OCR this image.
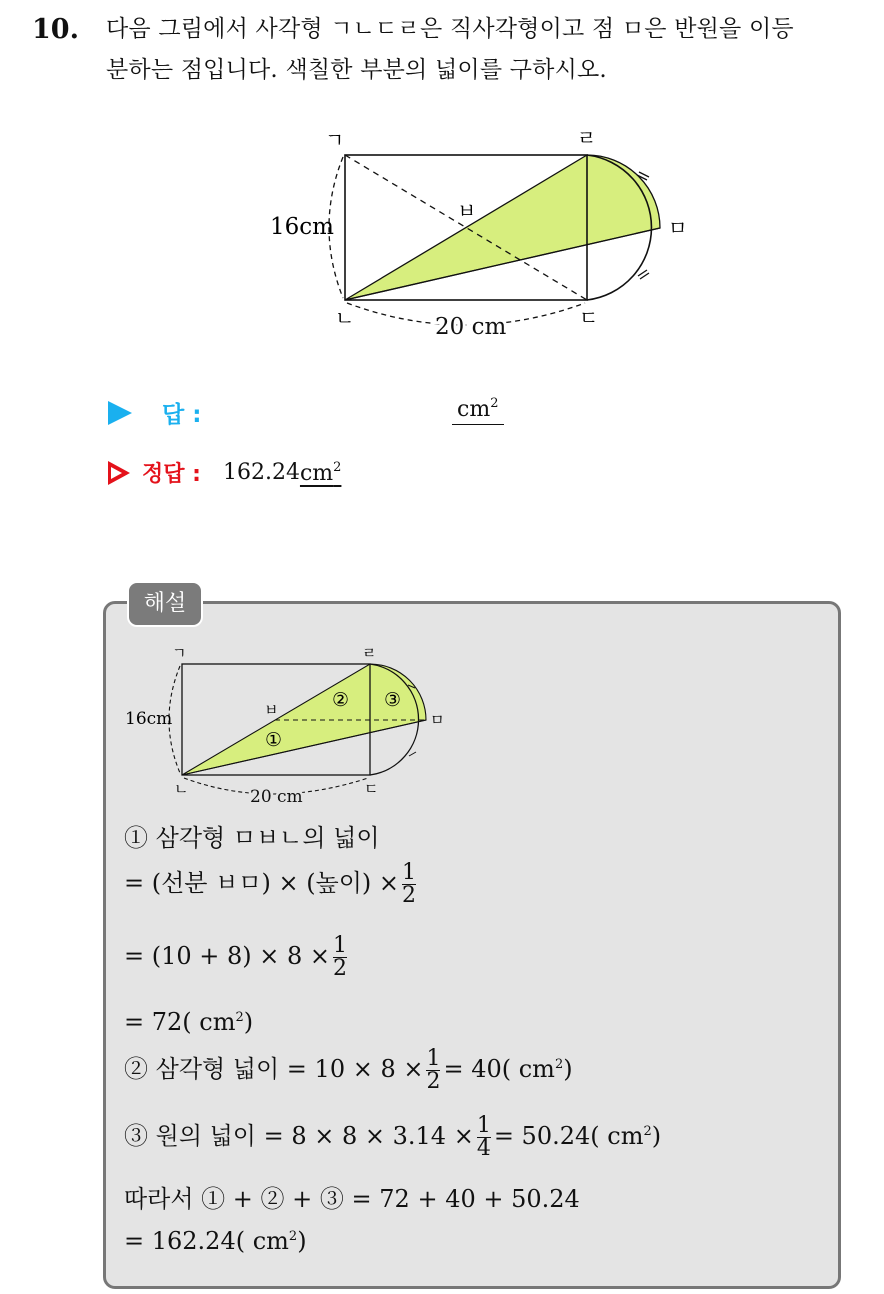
10. 다음 그림에서 사각형 ㄱㄴㄷㄹ은 직사각형이고 점 ㅁ은 반원을 이등
분하는 점입니다. 색칠한 부분의 넓이를 구하시오.
ㄱ	ㄹ
ㅁ
ㅂ
ㄴ	ㄷ
16cm
20 cm
답 :	$cm^2$
정답 : 162.24 $cm^2$
해설
ㄱ	ㄹ
ㅁ
ㅂ
ㄴ	ㄷ
16cm
20 cm
①
② ③
① 삼각형 ㅁㅂㄴ의 넓이
= (선분 ㅂㅁ) × (높이) × $\frac{1}{2}$
= $(10 + 8) \times 8 \times \frac{1}{2}$
= 72( $cm^2$)
② 삼각형 넓이 = $10 \times 8 \times \frac{1}{2} = 40$( $cm^2$)
③ 원의 넓이 = $8 \times 8 \times 3.14 \times \frac{1}{4} = 50.24$( $cm^2$)
따라서 ① + ② + ③ = 72 + 40 + 50.24
= 162.24( $cm^2$)
